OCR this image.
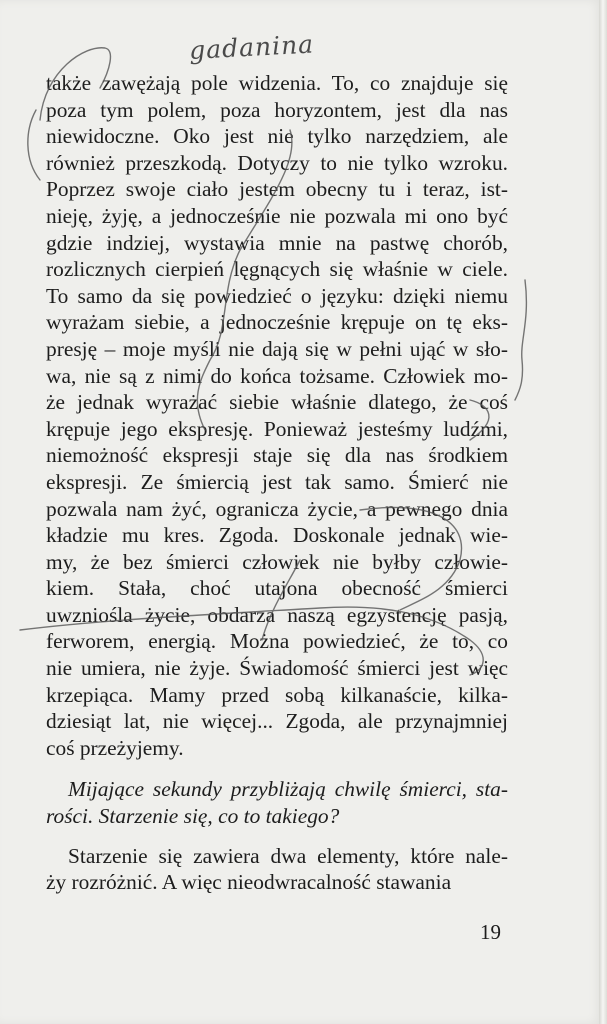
gadanina
także zawężają pole widzenia. To, co znajduje się
poza tym polem, poza horyzontem, jest dla nas
niewidoczne. Oko jest nie tylko narzędziem, ale
również przeszkodą. Dotyczy to nie tylko wzroku.
Poprzez swoje ciało jestem obecny tu i teraz, ist-
nieję, żyję, a jednocześnie nie pozwala mi ono być
gdzie indziej, wystawia mnie na pastwę chorób,
rozlicznych cierpień lęgnących się właśnie w ciele.
To samo da się powiedzieć o języku: dzięki niemu
wyrażam siebie, a jednocześnie krępuje on tę eks-
presję – moje myśli nie dają się w pełni ująć w sło-
wa, nie są z nimi do końca tożsame. Człowiek mo-
że jednak wyrażać siebie właśnie dlatego, że coś
krępuje jego ekspresję. Ponieważ jesteśmy ludźmi,
niemożność ekspresji staje się dla nas środkiem
ekspresji. Ze śmiercią jest tak samo. Śmierć nie
pozwala nam żyć, ogranicza życie, a pewnego dnia
kładzie mu kres. Zgoda. Doskonale jednak wie-
my, że bez śmierci człowiek nie byłby człowie-
kiem. Stała, choć utajona obecność śmierci
uwzniośla życie, obdarza naszą egzystencję pasją,
ferworem, energią. Można powiedzieć, że to, co
nie umiera, nie żyje. Świadomość śmierci jest więc
krzepiąca. Mamy przed sobą kilkanaście, kilka-
dziesiąt lat, nie więcej... Zgoda, ale przynajmniej
coś przeżyjemy.
Mijające sekundy przybliżają chwilę śmierci, sta-
rości. Starzenie się, co to takiego?
Starzenie się zawiera dwa elementy, które nale-
ży rozróżnić. A więc nieodwracalność stawania
19
